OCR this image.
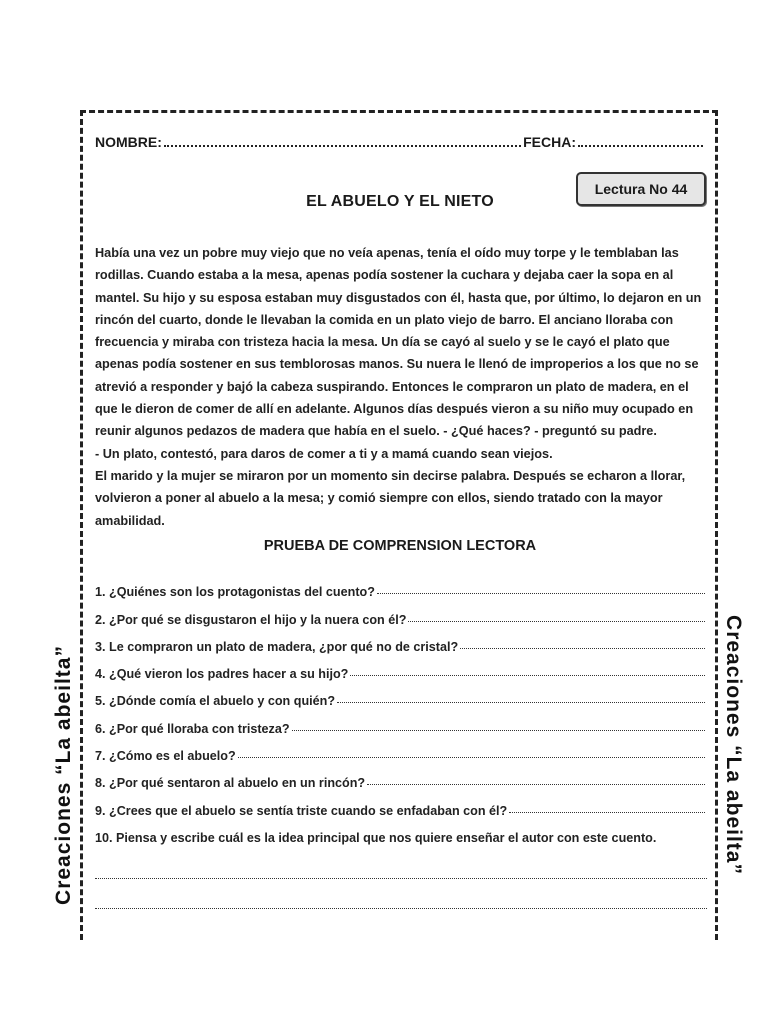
Creaciones “La abeilta”	Creaciones “La abeilta”
NOMBRE:	FECHA:
Lectura No 44
EL ABUELO Y EL NIETO
Había una vez un pobre muy viejo que no veía apenas, tenía el oído muy torpe y le temblaban las
rodillas. Cuando estaba a la mesa, apenas podía sostener la cuchara y dejaba caer la sopa en al
mantel. Su hijo y su esposa estaban muy disgustados con él, hasta que, por último, lo dejaron en un
rincón del cuarto, donde le llevaban la comida en un plato viejo de barro. El anciano lloraba con
frecuencia y miraba con tristeza hacia la mesa. Un día se cayó al suelo y se le cayó el plato que
apenas podía sostener en sus temblorosas manos. Su nuera le llenó de improperios a los que no se
atrevió a responder y bajó la cabeza suspirando. Entonces le compraron un plato de madera, en el
que le dieron de comer de allí en adelante. Algunos días después vieron a su niño muy ocupado en
reunir algunos pedazos de madera que había en el suelo. - ¿Qué haces? - preguntó su padre.
- Un plato, contestó, para daros de comer a ti y a mamá cuando sean viejos.
El marido y la mujer se miraron por un momento sin decirse palabra. Después se echaron a llorar,
volvieron a poner al abuelo a la mesa; y comió siempre con ellos, siendo tratado con la mayor
amabilidad.
PRUEBA DE COMPRENSION LECTORA
1. ¿Quiénes son los protagonistas del cuento?
2. ¿Por qué se disgustaron el hijo y la nuera con él?
3. Le compraron un plato de madera, ¿por qué no de cristal?
4. ¿Qué vieron los padres hacer a su hijo?
5. ¿Dónde comía el abuelo y con quién?
6. ¿Por qué lloraba con tristeza?
7. ¿Cómo es el abuelo?
8. ¿Por qué sentaron al abuelo en un rincón?
9. ¿Crees que el abuelo se sentía triste cuando se enfadaban con él?
10. Piensa y escribe cuál es la idea principal que nos quiere enseñar el autor con este cuento.
